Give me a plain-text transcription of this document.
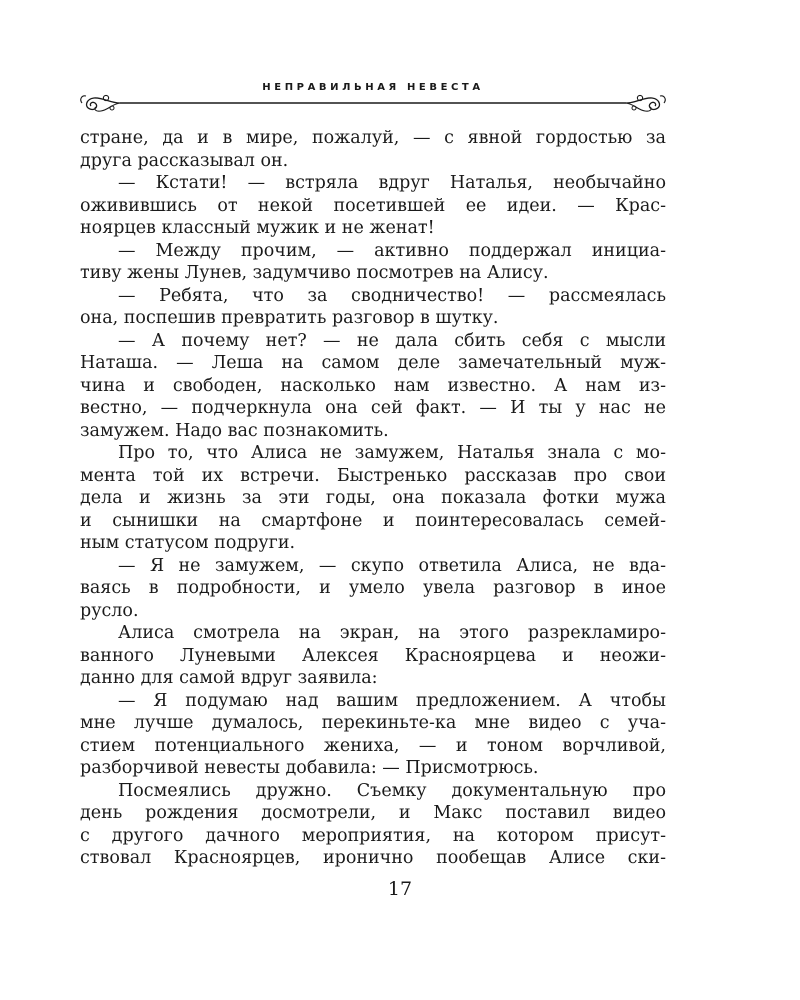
НЕПРАВИЛЬНАЯ НЕВЕСТА
стране, да и в мире, пожалуй, — с явной гордостью за
друга рассказывал он.
— Кстати! — встряла вдруг Наталья, необычайно
оживившись от некой посетившей ее идеи. — Крас-
ноярцев классный мужик и не женат!
— Между прочим, — активно поддержал инициа-
тиву жены Лунев, задумчиво посмотрев на Алису.
— Ребята, что за сводничество! — рассмеялась
она, поспешив превратить разговор в шутку.
— А почему нет? — не дала сбить себя с мысли
Наташа. — Леша на самом деле замечательный муж-
чина и свободен, насколько нам известно. А нам из-
вестно, — подчеркнула она сей факт. — И ты у нас не
замужем. Надо вас познакомить.
Про то, что Алиса не замужем, Наталья знала с мо-
мента той их встречи. Быстренько рассказав про свои
дела и жизнь за эти годы, она показала фотки мужа
и сынишки на смартфоне и поинтересовалась семей-
ным статусом подруги.
— Я не замужем, — скупо ответила Алиса, не вда-
ваясь в подробности, и умело увела разговор в иное
русло.
Алиса смотрела на экран, на этого разрекламиро-
ванного Луневыми Алексея Красноярцева и неожи-
данно для самой вдруг заявила:
— Я подумаю над вашим предложением. А чтобы
мне лучше думалось, перекиньте-ка мне видео с уча-
стием потенциального жениха, — и тоном ворчливой,
разборчивой невесты добавила: — Присмотрюсь.
Посмеялись дружно. Съемку документальную про
день рождения досмотрели, и Макс поставил видео
с другого дачного мероприятия, на котором присут-
ствовал Красноярцев, иронично пообещав Алисе ски-
17
